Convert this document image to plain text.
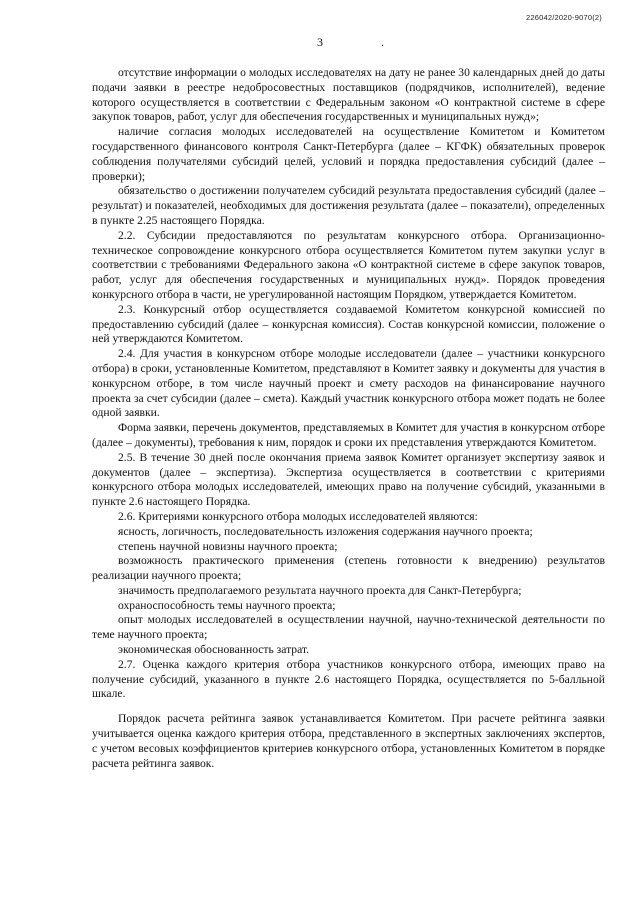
226042/2020-9070(2)
3	.

отсутствие информации о молодых исследователях на дату не ранее 30 календарных дней до даты подачи заявки в реестре недобросовестных поставщиков (подрядчиков, исполнителей), ведение которого осуществляется в соответствии с Федеральным законом «О контрактной системе в сфере закупок товаров, работ, услуг для обеспечения государственных и муниципальных нужд»;

наличие согласия молодых исследователей на осуществление Комитетом и Комитетом государственного финансового контроля Санкт-Петербурга (далее – КГФК) обязательных проверок соблюдения получателями субсидий целей, условий и порядка предоставления субсидий (далее – проверки);

обязательство о достижении получателем субсидий результата предоставления субсидий (далее – результат) и показателей, необходимых для достижения результата (далее – показатели), определенных в пункте 2.25 настоящего Порядка.

2.2. Субсидии предоставляются по результатам конкурсного отбора. Организационно-техническое сопровождение конкурсного отбора осуществляется Комитетом путем закупки услуг в соответствии с требованиями Федерального закона «О контрактной системе в сфере закупок товаров, работ, услуг для обеспечения государственных и муниципальных нужд». Порядок проведения конкурсного отбора в части, не урегулированной настоящим Порядком, утверждается Комитетом.

2.3. Конкурсный отбор осуществляется создаваемой Комитетом конкурсной комиссией по предоставлению субсидий (далее – конкурсная комиссия). Состав конкурсной комиссии, положение о ней утверждаются Комитетом.

2.4. Для участия в конкурсном отборе молодые исследователи (далее – участники конкурсного отбора) в сроки, установленные Комитетом, представляют в Комитет заявку и документы для участия в конкурсном отборе, в том числе научный проект и смету расходов на финансирование научного проекта за счет субсидии (далее – смета). Каждый участник конкурсного отбора может подать не более одной заявки.

Форма заявки, перечень документов, представляемых в Комитет для участия в конкурсном отборе (далее – документы), требования к ним, порядок и сроки их представления утверждаются Комитетом.

2.5. В течение 30 дней после окончания приема заявок Комитет организует экспертизу заявок и документов (далее – экспертиза). Экспертиза осуществляется в соответствии с критериями конкурсного отбора молодых исследователей, имеющих право на получение субсидий, указанными в пункте 2.6 настоящего Порядка.

2.6. Критериями конкурсного отбора молодых исследователей являются:

ясность, логичность, последовательность изложения содержания научного проекта;

степень научной новизны научного проекта;

возможность практического применения (степень готовности к внедрению) результатов реализации научного проекта;

значимость предполагаемого результата научного проекта для Санкт-Петербурга;

охраноспособность темы научного проекта;

опыт молодых исследователей в осуществлении научной, научно-технической деятельности по теме научного проекта;

экономическая обоснованность затрат.

2.7. Оценка каждого критерия отбора участников конкурсного отбора, имеющих право на получение субсидий, указанного в пункте 2.6 настоящего Порядка, осуществляется по 5-балльной шкале.

Порядок расчета рейтинга заявок устанавливается Комитетом. При расчете рейтинга заявки учитывается оценка каждого критерия отбора, представленного в экспертных заключениях экспертов, с учетом весовых коэффициентов критериев конкурсного отбора, установленных Комитетом в порядке расчета рейтинга заявок.
